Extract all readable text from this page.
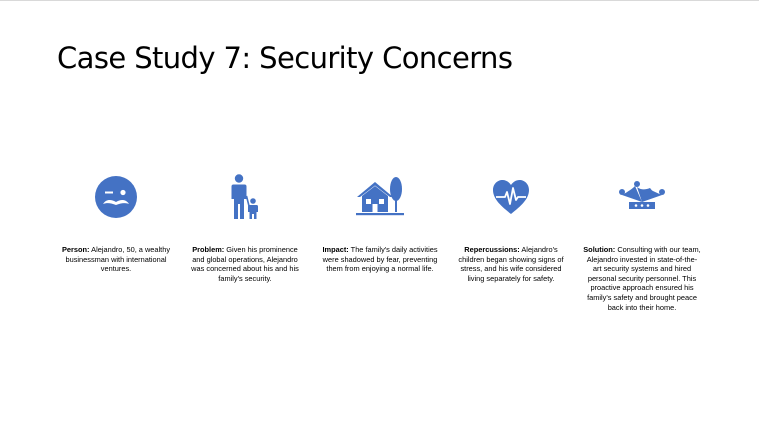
Case Study 7: Security Concerns
Person: Alejandro, 50, a wealthy businessman with international ventures.
Problem: Given his prominence and global operations, Alejandro was concerned about his and his family's security.
Impact: The family's daily activities were shadowed by fear, preventing them from enjoying a normal life.
Repercussions: Alejandro's children began showing signs of stress, and his wife considered living separately for safety.
Solution: Consulting with our team, Alejandro invested in state-of-the-art security systems and hired personal security personnel. This proactive approach ensured his family's safety and brought peace back into their home.
